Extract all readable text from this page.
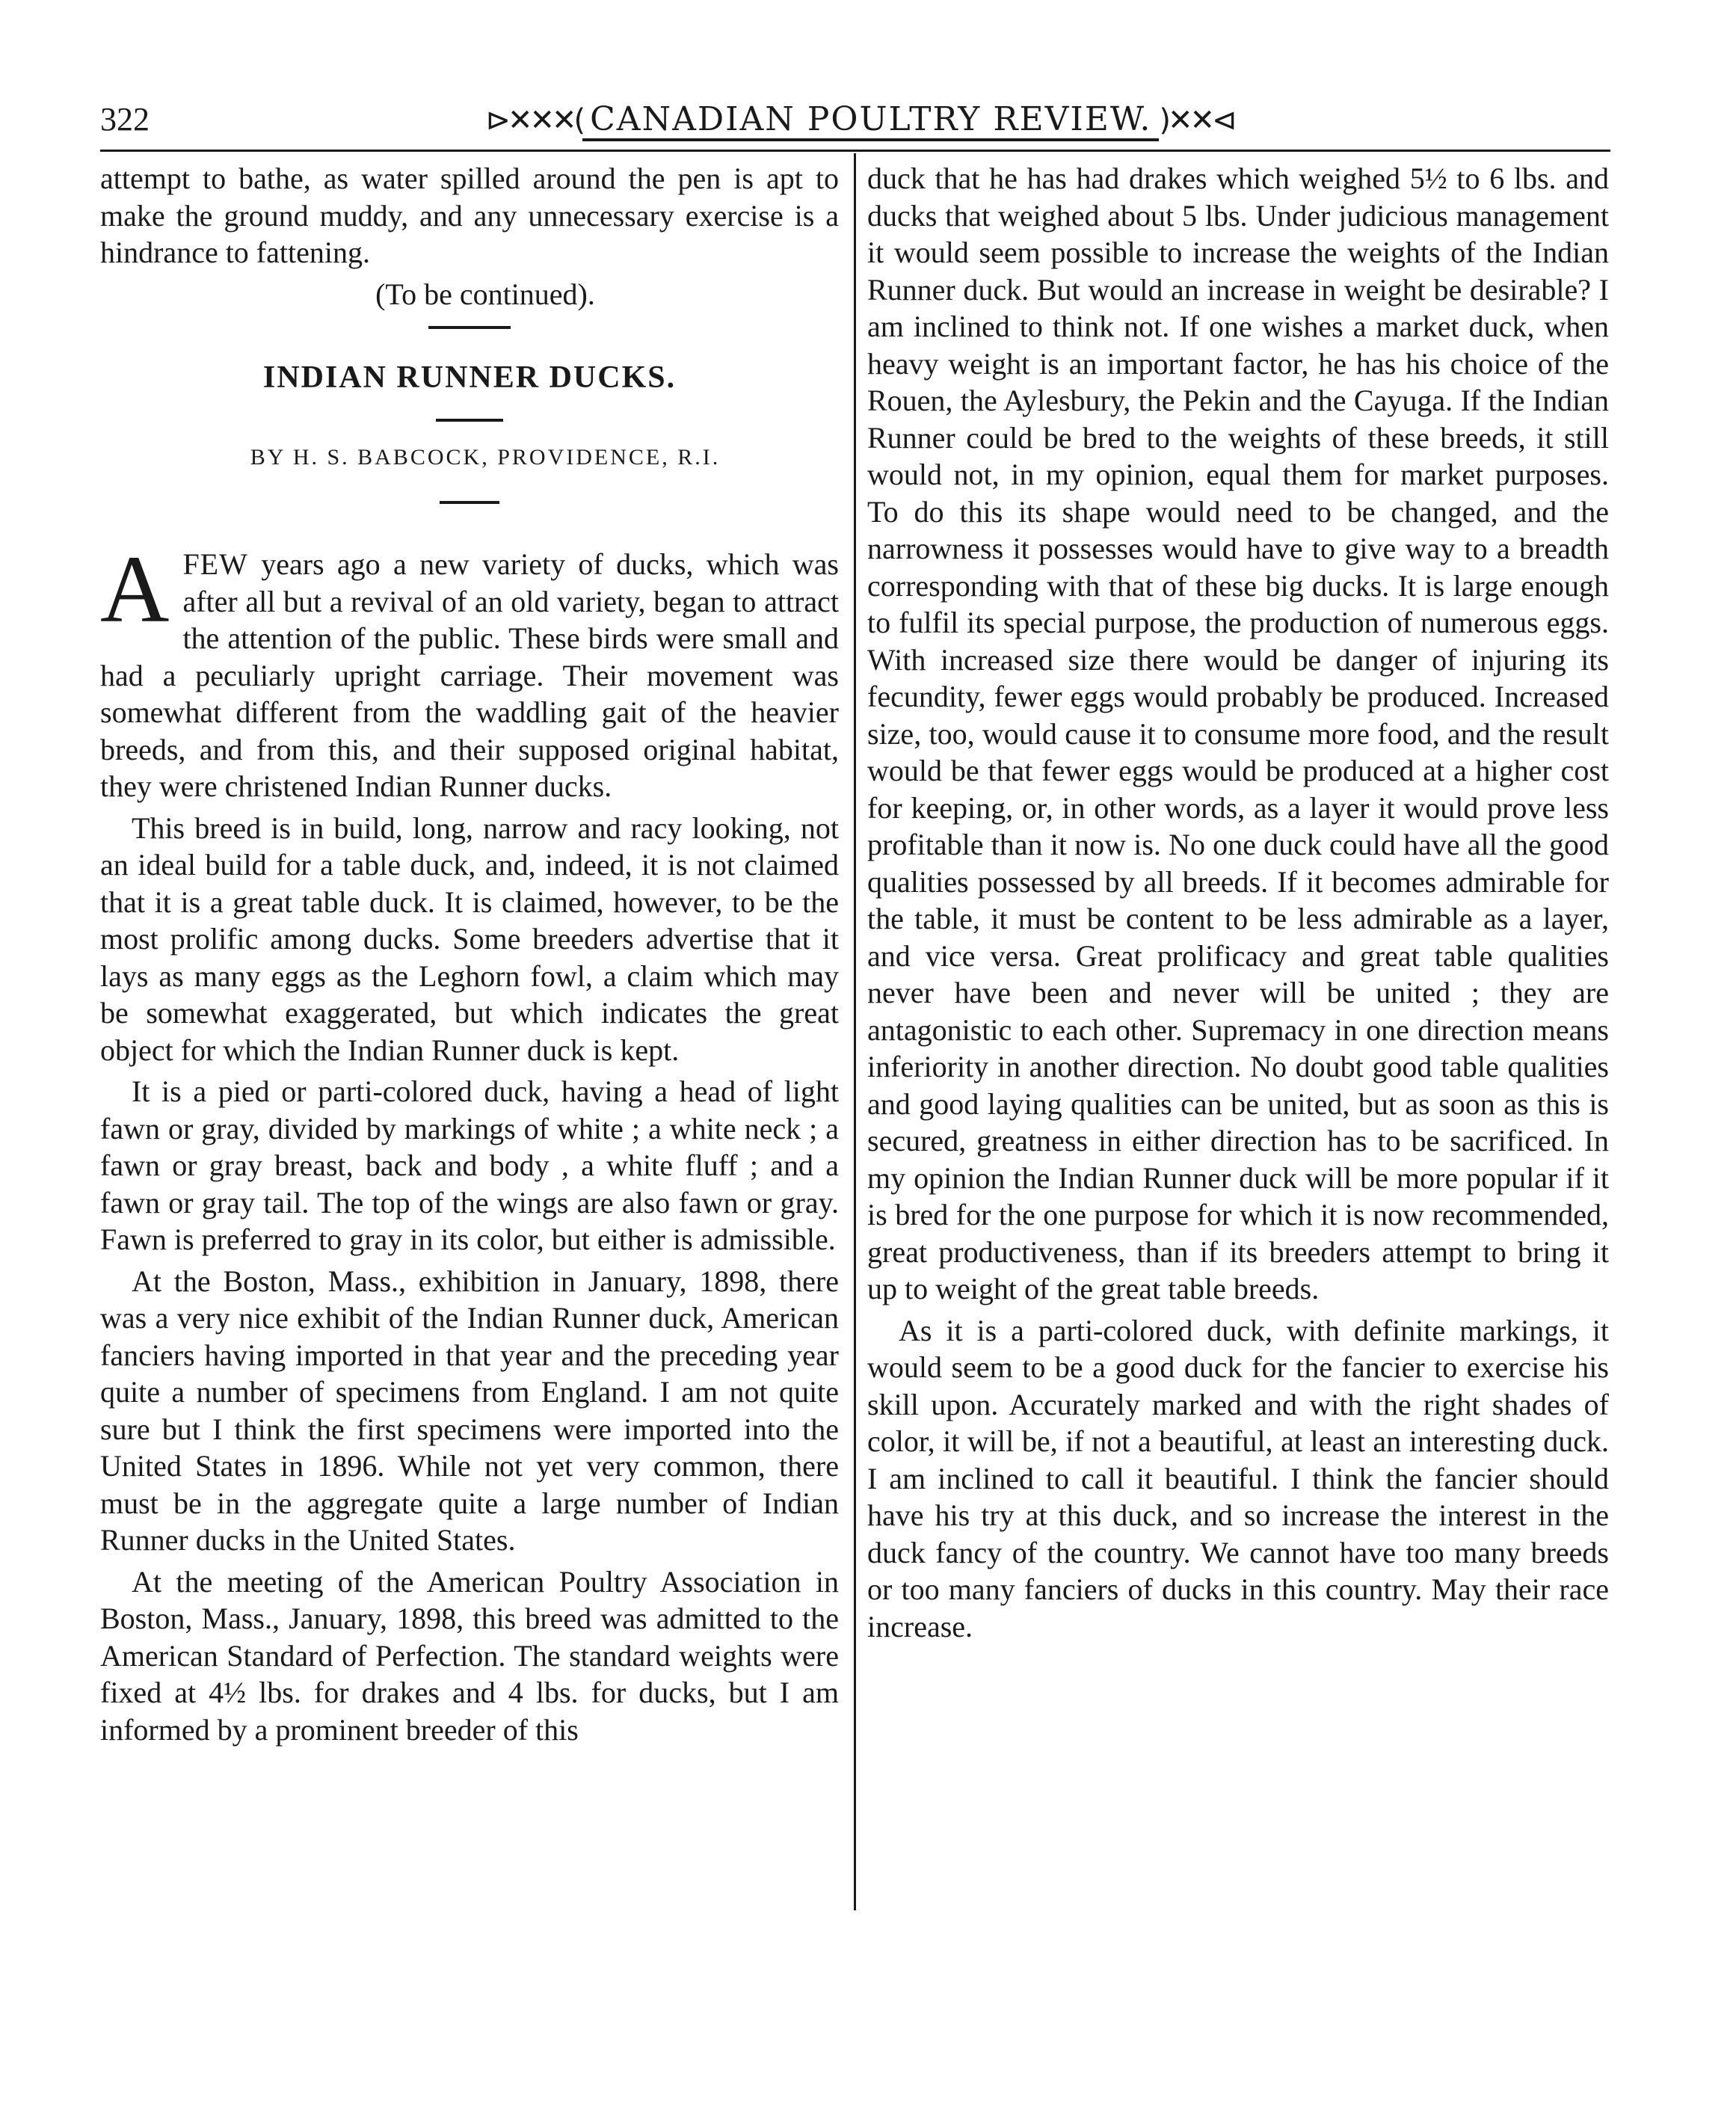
322	⊳✕✕✕( CANADIAN POULTRY REVIEW. )✕✕⊲

attempt to bathe, as water spilled around the pen is apt to make the ground muddy, and any unnecessary exercise is a hindrance to fattening.

(To be continued).

INDIAN RUNNER DUCKS.

BY H. S. BABCOCK, PROVIDENCE, R.I.

AFEW years ago a new variety of ducks, which was after all but a revival of an old variety, began to attract the attention of the public. These birds were small and had a peculiarly upright carriage. Their movement was somewhat different from the waddling gait of the heavier breeds, and from this, and their supposed original habitat, they were christened Indian Runner ducks.

This breed is in build, long, narrow and racy looking, not an ideal build for a table duck, and, indeed, it is not claimed that it is a great table duck. It is claimed, however, to be the most prolific among ducks. Some breeders advertise that it lays as many eggs as the Leghorn fowl, a claim which may be somewhat exaggerated, but which indicates the great object for which the Indian Runner duck is kept.

It is a pied or parti-colored duck, having a head of light fawn or gray, divided by markings of white ; a white neck ; a fawn or gray breast, back and body , a white fluff ; and a fawn or gray tail. The top of the wings are also fawn or gray. Fawn is preferred to gray in its color, but either is admissible.

At the Boston, Mass., exhibition in January, 1898, there was a very nice exhibit of the Indian Runner duck, American fanciers having imported in that year and the preceding year quite a number of specimens from England. I am not quite sure but I think the first specimens were imported into the United States in 1896. While not yet very common, there must be in the aggregate quite a large number of Indian Runner ducks in the United States.

At the meeting of the American Poultry Association in Boston, Mass., January, 1898, this breed was admitted to the American Standard of Perfection. The standard weights were fixed at 4½ lbs. for drakes and 4 lbs. for ducks, but I am informed by a prominent breeder of this

duck that he has had drakes which weighed 5½ to 6 lbs. and ducks that weighed about 5 lbs. Under judicious management it would seem possible to increase the weights of the Indian Runner duck. But would an increase in weight be desirable? I am inclined to think not. If one wishes a market duck, when heavy weight is an important factor, he has his choice of the Rouen, the Aylesbury, the Pekin and the Cayuga. If the Indian Runner could be bred to the weights of these breeds, it still would not, in my opinion, equal them for market purposes. To do this its shape would need to be changed, and the narrowness it possesses would have to give way to a breadth corresponding with that of these big ducks. It is large enough to fulfil its special purpose, the production of numerous eggs. With increased size there would be danger of injuring its fecundity, fewer eggs would probably be produced. Increased size, too, would cause it to consume more food, and the result would be that fewer eggs would be produced at a higher cost for keeping, or, in other words, as a layer it would prove less profitable than it now is. No one duck could have all the good qualities possessed by all breeds. If it becomes admirable for the table, it must be content to be less admirable as a layer, and vice versa. Great prolificacy and great table qualities never have been and never will be united ; they are antagonistic to each other. Supremacy in one direction means inferiority in another direction. No doubt good table qualities and good laying qualities can be united, but as soon as this is secured, greatness in either direction has to be sacrificed. In my opinion the Indian Runner duck will be more popular if it is bred for the one purpose for which it is now recommended, great productiveness, than if its breeders attempt to bring it up to weight of the great table breeds.

As it is a parti-colored duck, with definite markings, it would seem to be a good duck for the fancier to exercise his skill upon. Accurately marked and with the right shades of color, it will be, if not a beautiful, at least an interesting duck. I am inclined to call it beautiful. I think the fancier should have his try at this duck, and so increase the interest in the duck fancy of the country. We cannot have too many breeds or too many fanciers of ducks in this country. May their race increase.
